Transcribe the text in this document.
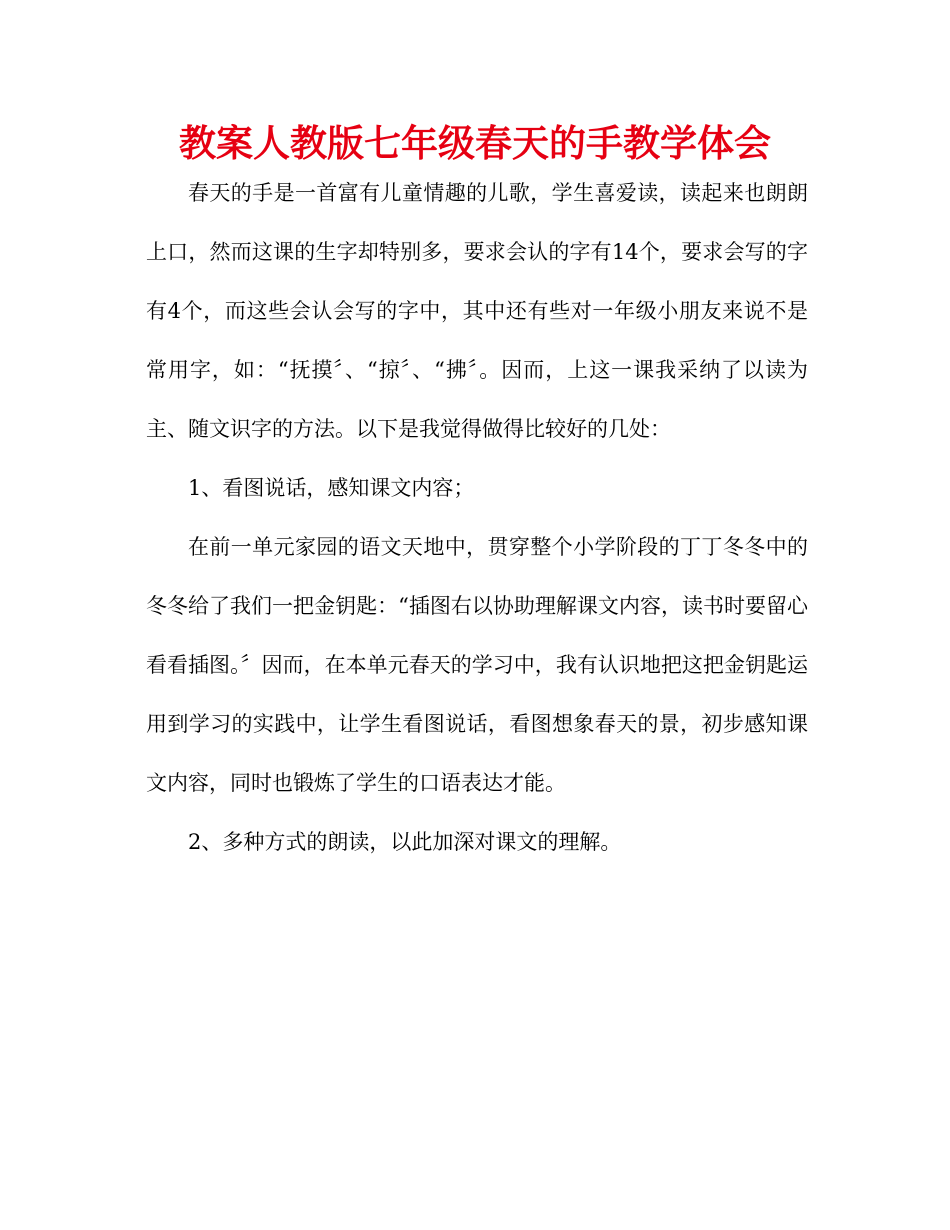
教案人教版七年级春天的手教学体会

春天的手是一首富有儿童情趣的儿歌，学生喜爱读，读起来也朗朗上口，然而这课的生字却特别多，要求会认的字有14个，要求会写的字有4个，而这些会认会写的字中，其中还有些对一年级小朋友来说不是常用字，如：“抚摸〞、“掠〞、“拂〞。因而，上这一课我采纳了以读为主、随文识字的方法。以下是我觉得做得比较好的几处：

1、看图说话，感知课文内容；

在前一单元家园的语文天地中，贯穿整个小学阶段的丁丁冬冬中的冬冬给了我们一把金钥匙：“插图右以协助理解课文内容，读书时要留心看看插图。〞因而，在本单元春天的学习中，我有认识地把这把金钥匙运用到学习的实践中，让学生看图说话，看图想象春天的景，初步感知课文内容，同时也锻炼了学生的口语表达才能。

2、多种方式的朗读，以此加深对课文的理解。
